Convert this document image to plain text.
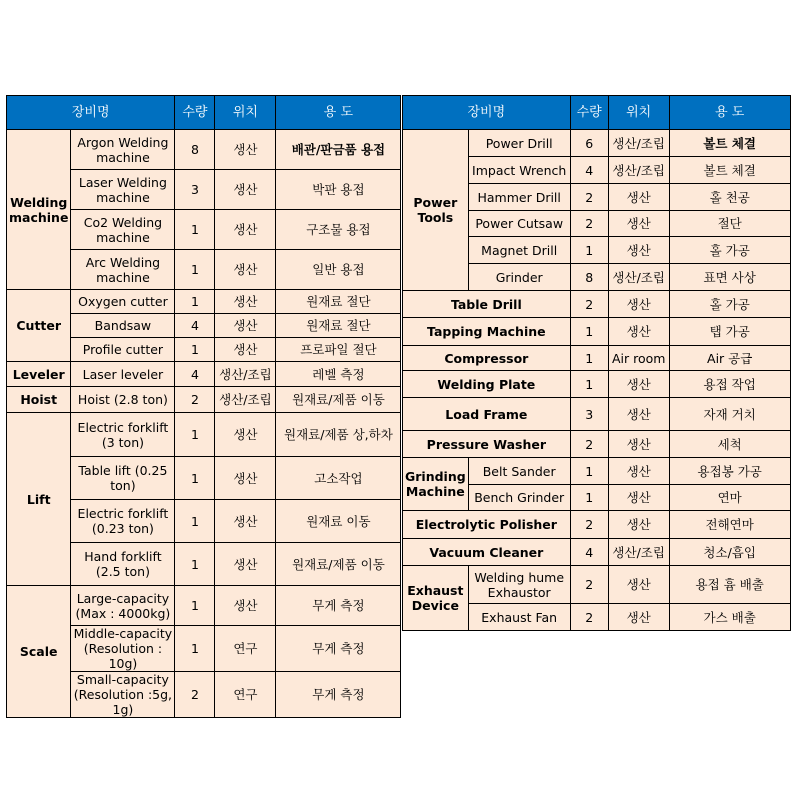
장비명		수량	위치	용 도
Welding machine	Argon Welding machine	8	생산	배관/판금품 용접
	Laser Welding machine	3	생산	박판 용접
	Co2 Welding machine	1	생산	구조물 용접
	Arc Welding machine	1	생산	일반 용접
Cutter	Oxygen cutter	1	생산	원재료 절단
	Bandsaw	4	생산	원재료 절단
	Profile cutter	1	생산	프로파일 절단
Leveler	Laser leveler	4	생산/조립	레벨 측정
Hoist	Hoist (2.8 ton)	2	생산/조립	원재료/제품 이동
Lift	Electric forklift (3 ton)	1	생산	원재료/제품 상,하차
	Table lift (0.25 ton)	1	생산	고소작업
	Electric forklift (0.23 ton)	1	생산	원재료 이동
	Hand forklift (2.5 ton)	1	생산	원재료/제품 이동
Scale	Large-capacity (Max : 4000kg)	1	생산	무게 측정
	Middle-capacity (Resolution : 10g)	1	연구	무게 측정
	Small-capacity (Resolution :5g, 1g)	2	연구	무게 측정
장비명		수량	위치	용 도
Power Tools	Power Drill	6	생산/조립	볼트 체결
	Impact Wrench	4	생산/조립	볼트 체결
	Hammer Drill	2	생산	홀 천공
	Power Cutsaw	2	생산	절단
	Magnet Drill	1	생산	홀 가공
	Grinder	8	생산/조립	표면 사상
Table Drill		2	생산	홀 가공
Tapping Machine		1	생산	탭 가공
Compressor		1	Air room	Air 공급
Welding Plate		1	생산	용접 작업
Load Frame		3	생산	자재 거치
Pressure Washer		2	생산	세척
Grinding Machine	Belt Sander	1	생산	용접봉 가공
	Bench Grinder	1	생산	연마
Electrolytic Polisher		2	생산	전해연마
Vacuum Cleaner		4	생산/조립	청소/흡입
Exhaust Device	Welding hume Exhaustor	2	생산	용접 흄 배출
	Exhaust Fan	2	생산	가스 배출
